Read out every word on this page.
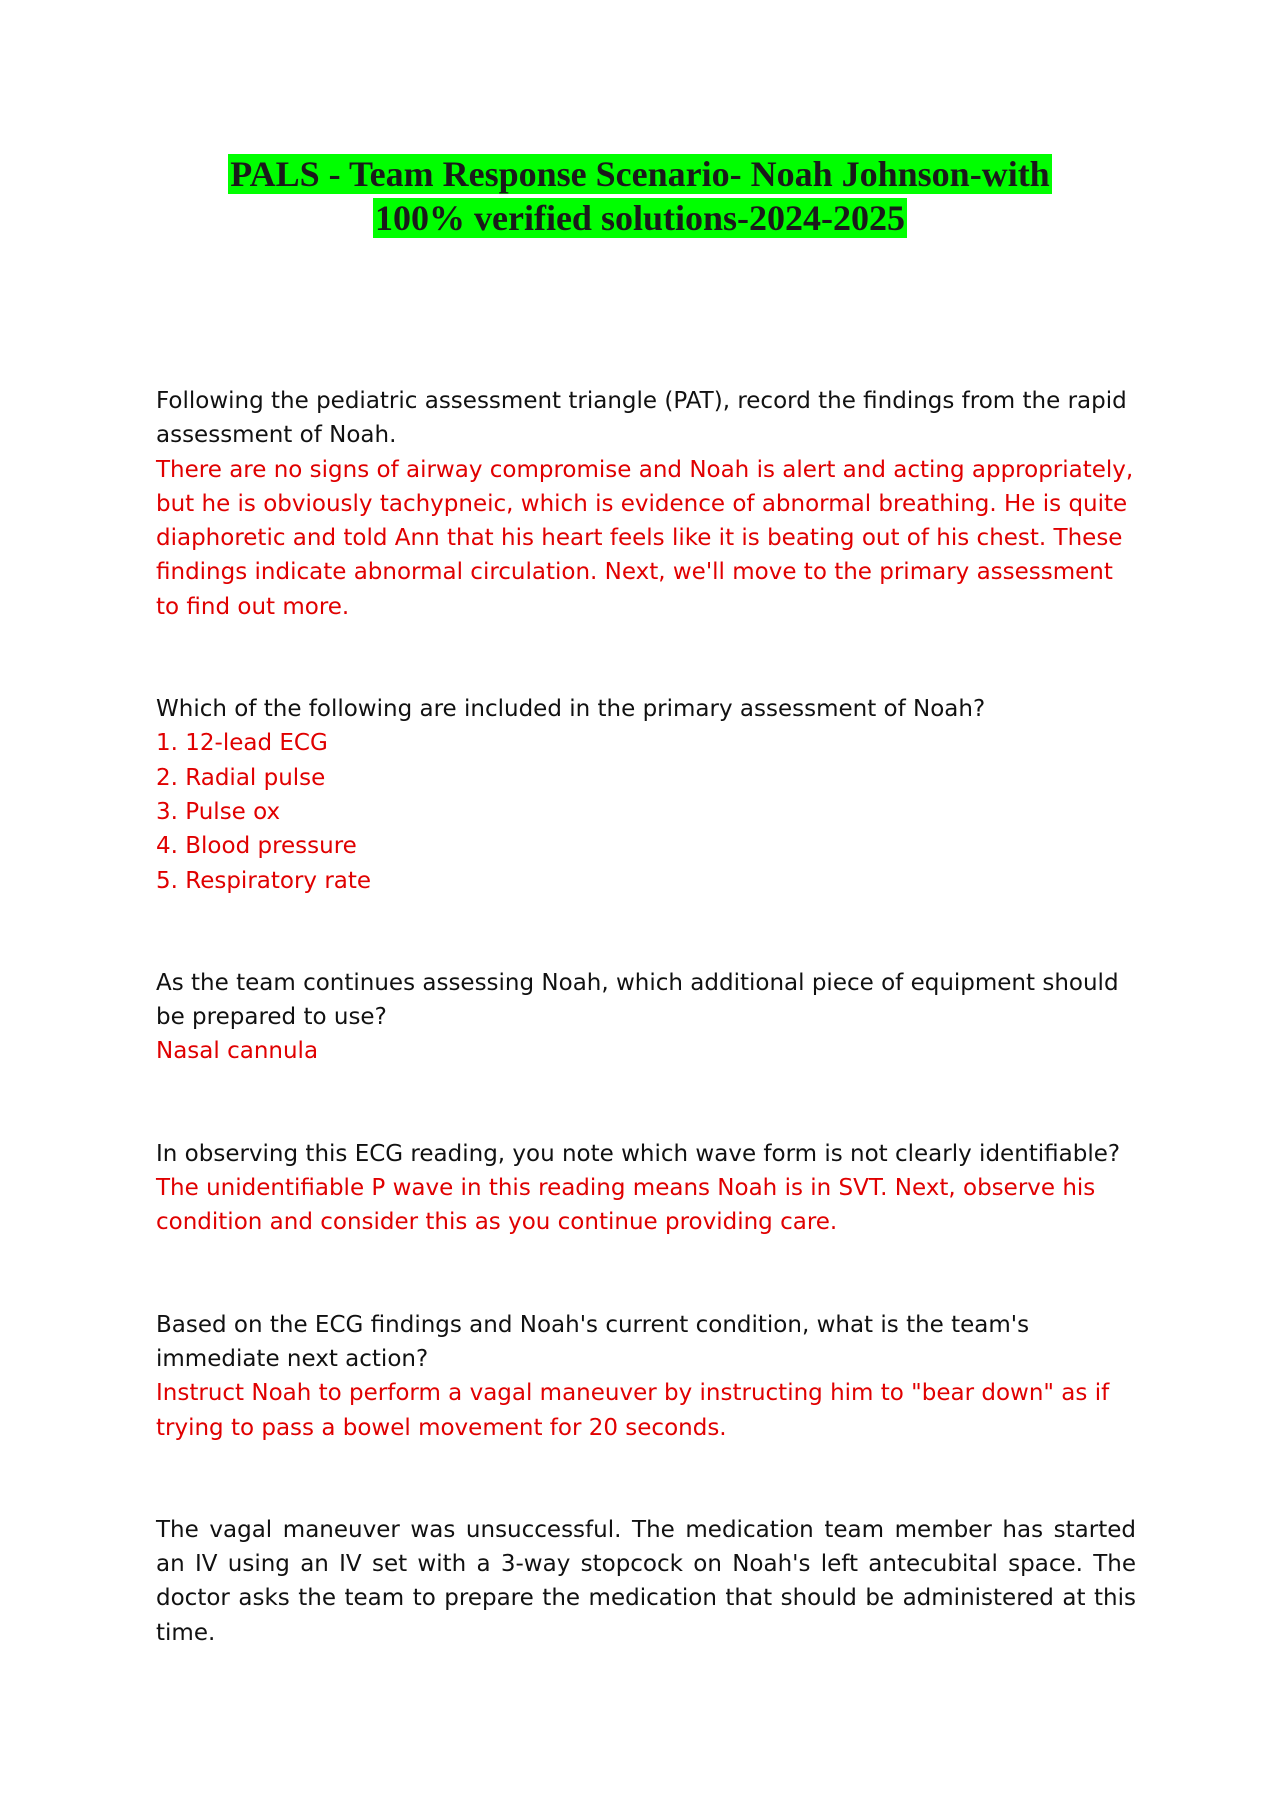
PALS - Team Response Scenario- Noah Johnson-with
100% verified solutions-2024-2025

Following the pediatric assessment triangle (PAT), record the findings from the rapid assessment of Noah.

There are no signs of airway compromise and Noah is alert and acting appropriately, but he is obviously tachypneic, which is evidence of abnormal breathing. He is quite diaphoretic and told Ann that his heart feels like it is beating out of his chest. These findings indicate abnormal circulation. Next, we'll move to the primary assessment to find out more.

Which of the following are included in the primary assessment of Noah?

1. 12-lead ECG
2. Radial pulse
3. Pulse ox
4. Blood pressure
5. Respiratory rate

As the team continues assessing Noah, which additional piece of equipment should be prepared to use?

Nasal cannula

In observing this ECG reading, you note which wave form is not clearly identifiable?

The unidentifiable P wave in this reading means Noah is in SVT. Next, observe his condition and consider this as you continue providing care.

Based on the ECG findings and Noah's current condition, what is the team's immediate next action?

Instruct Noah to perform a vagal maneuver by instructing him to "bear down" as if trying to pass a bowel movement for 20 seconds.

The vagal maneuver was unsuccessful. The medication team member has started an IV using an IV set with a 3-way stopcock on Noah's left antecubital space. The doctor asks the team to prepare the medication that should be administered at this time.
